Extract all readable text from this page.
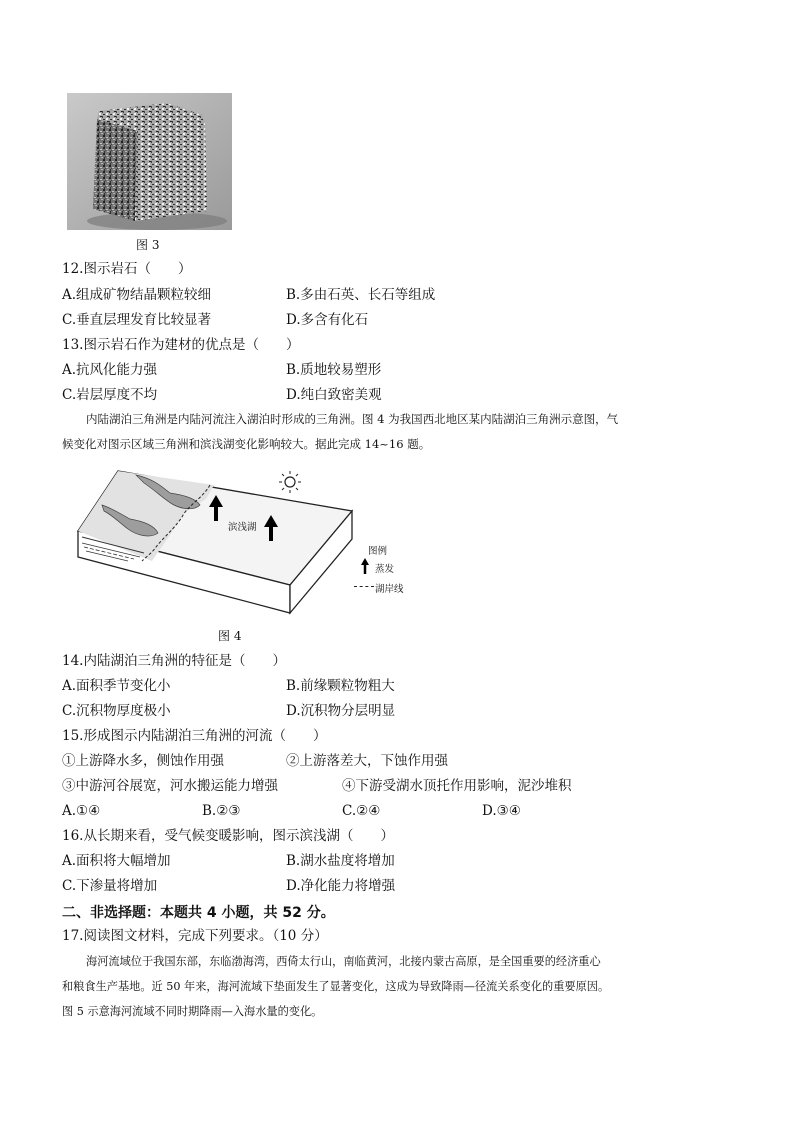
图 3
12.图示岩石（　　）
A.组成矿物结晶颗粒较细	B.多由石英、长石等组成
C.垂直层理发育比较显著	D.多含有化石
13.图示岩石作为建材的优点是（　　）
A.抗风化能力强	B.质地较易塑形
C.岩层厚度不均	D.纯白致密美观
内陆湖泊三角洲是内陆河流注入湖泊时形成的三角洲。图 4 为我国西北地区某内陆湖泊三角洲示意图，气
候变化对图示区域三角洲和滨浅湖变化影响较大。据此完成 14~16 题。
滨浅湖
图例
蒸发
湖岸线
图 4
14.内陆湖泊三角洲的特征是（　　）
A.面积季节变化小	B.前缘颗粒物粗大
C.沉积物厚度极小	D.沉积物分层明显
15.形成图示内陆湖泊三角洲的河流（　　）
①上游降水多，侧蚀作用强	②上游落差大，下蚀作用强
③中游河谷展宽，河水搬运能力增强	④下游受湖水顶托作用影响，泥沙堆积
A.①④	B.②③	C.②④	D.③④
16.从长期来看，受气候变暖影响，图示滨浅湖（　　）
A.面积将大幅增加	B.湖水盐度将增加
C.下渗量将增加	D.净化能力将增强
二、非选择题：本题共 4 小题，共 52 分。
17.阅读图文材料，完成下列要求。（10 分）
海河流域位于我国东部，东临渤海湾，西倚太行山，南临黄河，北接内蒙古高原，是全国重要的经济重心
和粮食生产基地。近 50 年来，海河流域下垫面发生了显著变化，这成为导致降雨—径流关系变化的重要原因。
图 5 示意海河流域不同时期降雨—入海水量的变化。
